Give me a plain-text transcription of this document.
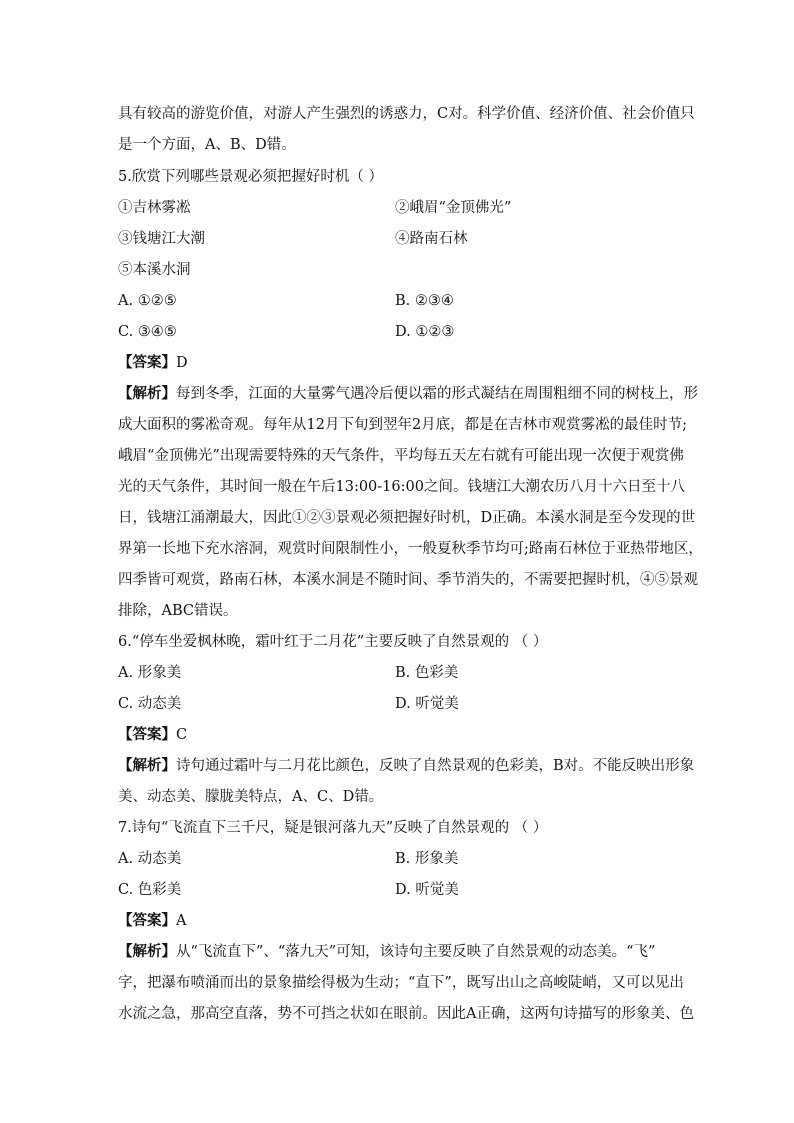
具有较高的游览价值，对游人产生强烈的诱惑力，C对。科学价值、经济价值、社会价值只
是一个方面，A、B、D错。
5.欣赏下列哪些景观必须把握好时机（ ）
①吉林雾凇	②峨眉“金顶佛光”
③钱塘江大潮	④路南石林
⑤本溪水洞
A. ①②⑤	B. ②③④
C. ③④⑤	D. ①②③
【答案】D
【解析】每到冬季，江面的大量雾气遇冷后便以霜的形式凝结在周围粗细不同的树枝上，形
成大面积的雾凇奇观。每年从12月下旬到翌年2月底，都是在吉林市观赏雾凇的最佳时节;
峨眉“金顶佛光”出现需要特殊的天气条件，平均每五天左右就有可能出现一次便于观赏佛
光的天气条件，其时间一般在午后13:00-16:00之间。钱塘江大潮农历八月十六日至十八
日，钱塘江涌潮最大，因此①②③景观必须把握好时机，D正确。本溪水洞是至今发现的世
界第一长地下充水溶洞，观赏时间限制性小，一般夏秋季节均可;路南石林位于亚热带地区，
四季皆可观赏，路南石林，本溪水洞是不随时间、季节消失的，不需要把握时机，④⑤景观
排除，ABC错误。
6.“停车坐爱枫林晚，霜叶红于二月花”主要反映了自然景观的 （ ）
A. 形象美	B. 色彩美
C. 动态美	D. 听觉美
【答案】C
【解析】诗句通过霜叶与二月花比颜色，反映了自然景观的色彩美，B对。不能反映出形象
美、动态美、朦胧美特点，A、C、D错。
7.诗句“飞流直下三千尺，疑是银河落九天”反映了自然景观的 （ ）
A. 动态美	B. 形象美
C. 色彩美	D. 听觉美
【答案】A
【解析】从“飞流直下”、“落九天”可知，该诗句主要反映了自然景观的动态美。“飞”
字，把瀑布喷涌而出的景象描绘得极为生动；“直下”，既写出山之高峻陡峭，又可以见出
水流之急，那高空直落，势不可挡之状如在眼前。因此A正确，这两句诗描写的形象美、色
